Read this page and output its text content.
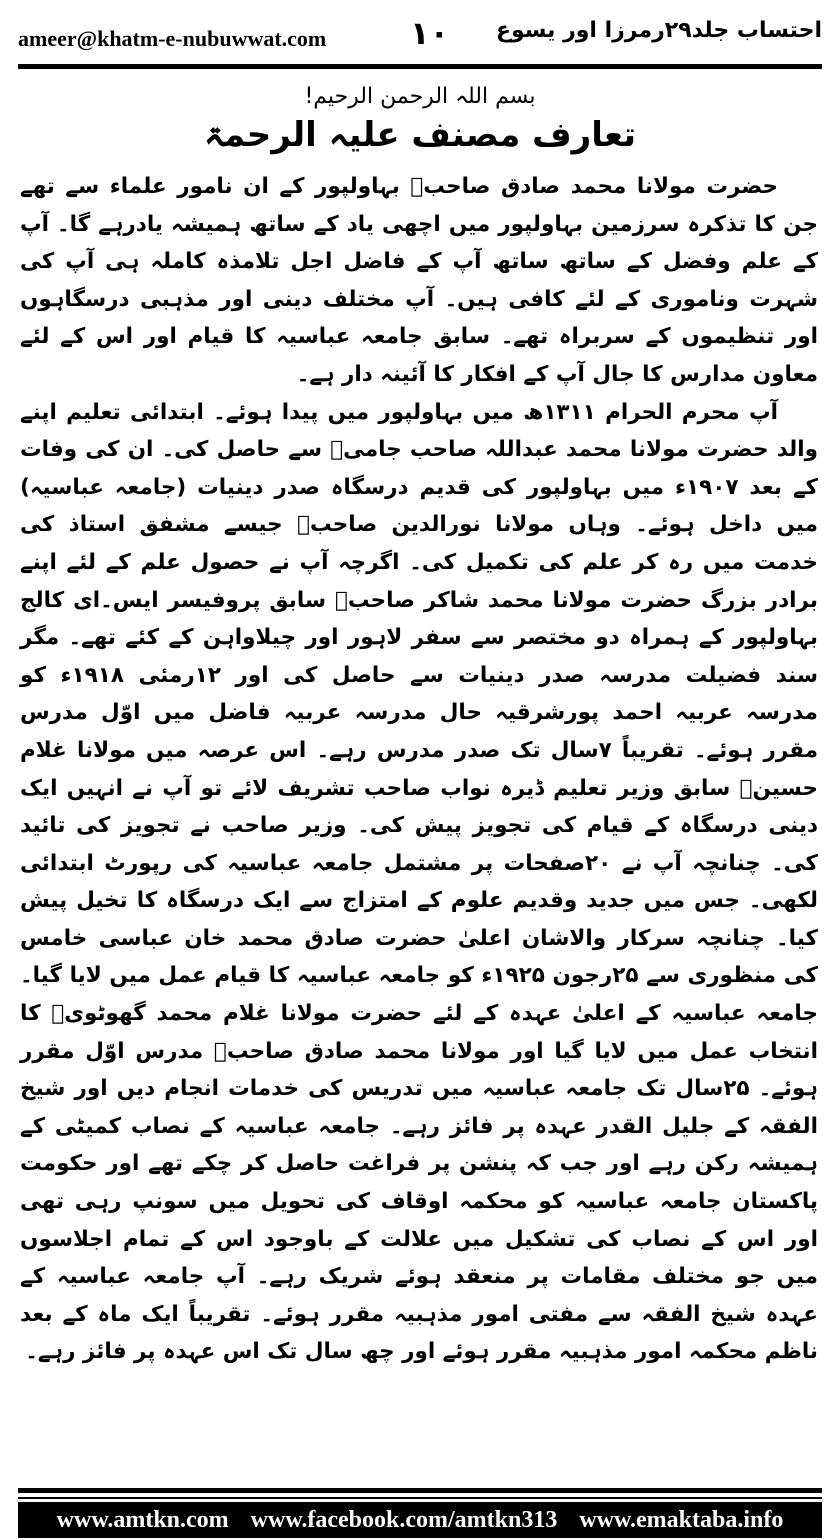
ameer@khatm-e-nubuwwat.com	۱۰ احتساب جلد۲۹رمرزا اور یسوع
بسم اللہ الرحمن الرحیم!
تعارف مصنف علیہ الرحمۃ

حضرت مولانا محمد صادق صاحبؒ بہاولپور کے ان نامور علماء سے تھے جن کا تذکرہ سرزمین بہاولپور میں اچھی یاد کے ساتھ ہمیشہ یادرہے گا۔ آپ کے علم وفضل کے ساتھ ساتھ آپ کے فاضل اجل تلامذہ کاملہ ہی آپ کی شہرت وناموری کے لئے کافی ہیں۔ آپ مختلف دینی اور مذہبی درسگاہوں اور تنظیموں کے سربراہ تھے۔ سابق جامعہ عباسیہ کا قیام اور اس کے لئے معاون مدارس کا جال آپ کے افکار کا آئینہ دار ہے۔

آپ محرم الحرام ۱۳۱۱ھ میں بہاولپور میں پیدا ہوئے۔ ابتدائی تعلیم اپنے والد حضرت مولانا محمد عبداللہ صاحب جامیؒ سے حاصل کی۔ ان کی وفات کے بعد ۱۹۰۷ء میں بہاولپور کی قدیم درسگاہ صدر دینیات (جامعہ عباسیہ) میں داخل ہوئے۔ وہاں مولانا نورالدین صاحبؒ جیسے مشفق استاذ کی خدمت میں رہ کر علم کی تکمیل کی۔ اگرچہ آپ نے حصول علم کے لئے اپنے برادر بزرگ حضرت مولانا محمد شاکر صاحبؒ سابق پروفیسر ایس۔ای کالج بہاولپور کے ہمراہ دو مختصر سے سفر لاہور اور چیلاواہن کے کئے تھے۔ مگر سند فضیلت مدرسہ صدر دینیات سے حاصل کی اور ۱۲رمئی ۱۹۱۸ء کو مدرسہ عربیہ احمد پورشرقیہ حال مدرسہ عربیہ فاضل میں اوّل مدرس مقرر ہوئے۔ تقریباً ۷سال تک صدر مدرس رہے۔ اس عرصہ میں مولانا غلام حسینؒ سابق وزیر تعلیم ڈیرہ نواب صاحب تشریف لائے تو آپ نے انہیں ایک دینی درسگاہ کے قیام کی تجویز پیش کی۔ وزیر صاحب نے تجویز کی تائید کی۔ چنانچہ آپ نے ۲۰صفحات پر مشتمل جامعہ عباسیہ کی رپورٹ ابتدائی لکھی۔ جس میں جدید وقدیم علوم کے امتزاج سے ایک درسگاہ کا تخیل پیش کیا۔ چنانچہ سرکار والاشان اعلیٰ حضرت صادق محمد خان عباسی خامس کی منظوری سے ۲۵رجون ۱۹۲۵ء کو جامعہ عباسیہ کا قیام عمل میں لایا گیا۔ جامعہ عباسیہ کے اعلیٰ عہدہ کے لئے حضرت مولانا غلام محمد گھوٹویؒ کا انتخاب عمل میں لایا گیا اور مولانا محمد صادق صاحبؒ مدرس اوّل مقرر ہوئے۔ ۲۵سال تک جامعہ عباسیہ میں تدریس کی خدمات انجام دیں اور شیخ الفقہ کے جلیل القدر عہدہ پر فائز رہے۔ جامعہ عباسیہ کے نصاب کمیٹی کے ہمیشہ رکن رہے اور جب کہ پنشن پر فراغت حاصل کر چکے تھے اور حکومت پاکستان جامعہ عباسیہ کو محکمہ اوقاف کی تحویل میں سونپ رہی تھی اور اس کے نصاب کی تشکیل میں علالت کے باوجود اس کے تمام اجلاسوں میں جو مختلف مقامات پر منعقد ہوئے شریک رہے۔ آپ جامعہ عباسیہ کے عہدہ شیخ الفقہ سے مفتی امور مذہبیہ مقرر ہوئے۔ تقریباً ایک ماہ کے بعد ناظم محکمہ امور مذہبیہ مقرر ہوئے اور چھ سال تک اس عہدہ پر فائز رہے۔

www.amtkn.com www.facebook.com/amtkn313 www.emaktaba.info
